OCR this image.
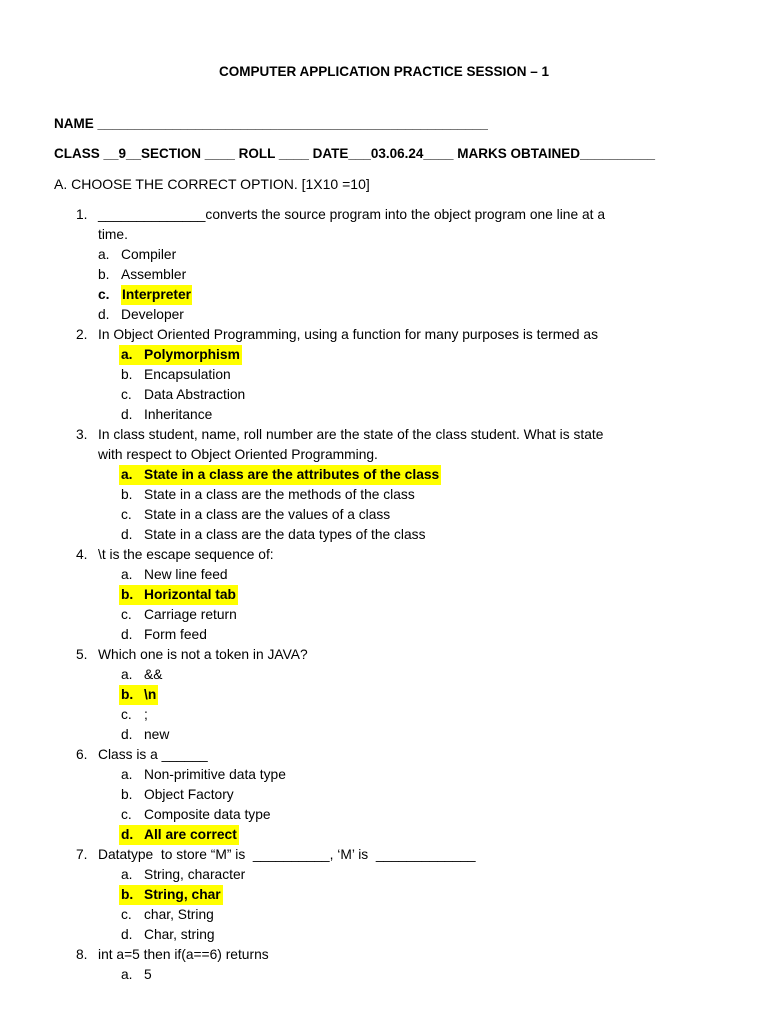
COMPUTER APPLICATION PRACTICE SESSION – 1
NAME ____________________________________________________
CLASS __9__SECTION ____ ROLL ____ DATE___03.06.24____ MARKS OBTAINED__________
A. CHOOSE THE CORRECT OPTION. [1X10 =10]
1. ______________converts the source program into the object program one line at a
time.
a. Compiler
b. Assembler
c. Interpreter
d. Developer
2. In Object Oriented Programming, using a function for many purposes is termed as
a. Polymorphism
b. Encapsulation
c. Data Abstraction
d. Inheritance
3. In class student, name, roll number are the state of the class student. What is state
with respect to Object Oriented Programming.
a. State in a class are the attributes of the class
b. State in a class are the methods of the class
c. State in a class are the values of a class
d. State in a class are the data types of the class
4. \t is the escape sequence of:
a. New line feed
b. Horizontal tab
c. Carriage return
d. Form feed
5. Which one is not a token in JAVA?
a. &&
b. \n
c. ;
d. new
6. Class is a ______
a. Non-primitive data type
b. Object Factory
c. Composite data type
d. All are correct
7. Datatype  to store “M” is  __________, ‘M’ is  _____________
a. String, character
b. String, char
c. char, String
d. Char, string
8. int a=5 then if(a==6) returns
a. 5
